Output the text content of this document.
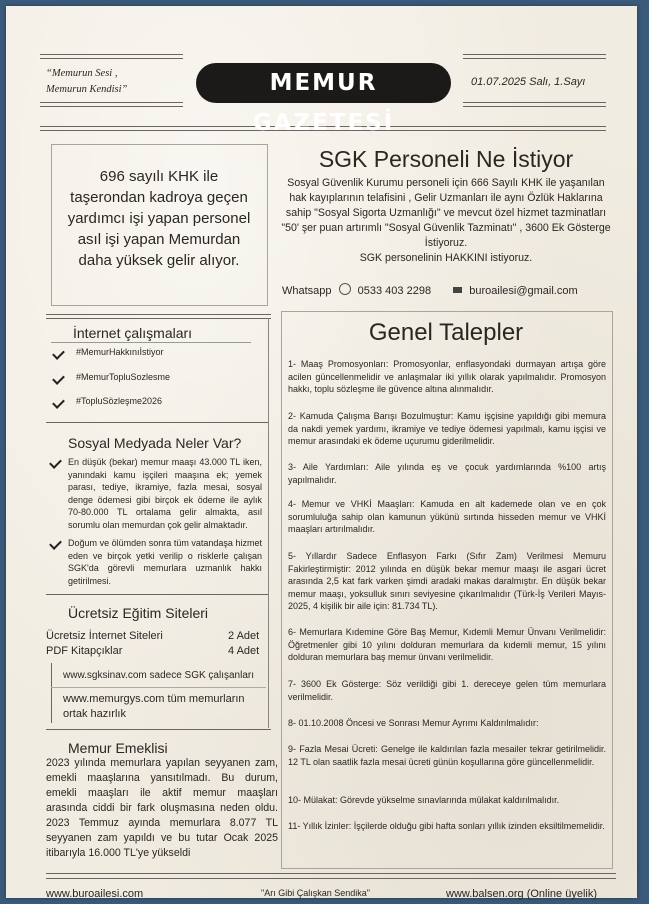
“Memurun Sesi ,
Memurun Kendisi”	MEMUR GAZETESİ
01.07.2025 Salı, 1.Sayı
696 sayılı KHK ile taşerondan kadroya geçen yardımcı işi yapan personel asıl işi yapan Memurdan daha yüksek gelir alıyor.
SGK Personeli Ne İstiyor
Sosyal Güvenlik Kurumu personeli için 666 Sayılı KHK ile yaşanılan hak kayıplarının telafisini , Gelir Uzmanları ile aynı Özlük Haklarına sahip "Sosyal Sigorta Uzmanlığı" ve mevcut özel hizmet tazminatları "50' şer puan artırımlı "Sosyal Güvenlik Tazminatı" , 3600 Ek Gösterge İstiyoruz.
SGK personelinin HAKKINI istiyoruz.
Whatsapp 0533 403 2298	buroailesi@gmail.com
İnternet çalışmaları
#MemurHakkınıİstiyor
#MemurTopluSozlesme
#TopluSözleşme2026
Sosyal Medyada Neler Var?
En düşük (bekar) memur maaşı 43.000 TL iken, yanındaki kamu işçileri maaşına ek; yemek parası, tediye, ikramiye, fazla mesai, sosyal denge ödemesi gibi birçok ek ödeme ile aylık 70-80.000 TL ortalama gelir almakta, asıl sorumlu olan memurdan çok gelir almaktadır.
Doğum ve ölümden sonra tüm vatandaşa hizmet eden ve birçok yetki verilip o risklerle çalışan SGK'da görevli memurlara uzmanlık hakkı getirilmesi.
Ücretsiz Eğitim Siteleri
Ücretsiz İnternet Siteleri	2 Adet
PDF Kitapçıklar	4 Adet
www.sgksinav.com sadece SGK çalışanları
www.memurgys.com tüm memurların ortak hazırlık
Memur Emeklisi
2023 yılında memurlara yapılan seyyanen zam, emekli maaşlarına yansıtılmadı. Bu durum, emekli maaşları ile aktif memur maaşları arasında ciddi bir fark oluşmasına neden oldu. 2023 Temmuz ayında memurlara 8.077 TL seyyanen zam yapıldı ve bu tutar Ocak 2025 itibarıyla 16.000 TL'ye yükseldi
Genel Talepler
1- Maaş Promosyonları: Promosyonlar, enflasyondaki durmayan artışa göre acilen güncellenmelidir ve anlaşmalar iki yıllık olarak yapılmalıdır. Promosyon hakkı, toplu sözleşme ile güvence altına alınmalıdır.
2- Kamuda Çalışma Barışı Bozulmuştur: Kamu işçisine yapıldığı gibi memura da nakdi yemek yardımı, ikramiye ve tediye ödemesi yapılmalı, kamu işçisi ve memur arasındaki ek ödeme uçurumu giderilmelidir.
3- Aile Yardımları: Aile yılında eş ve çocuk yardımlarında %100 artış yapılmalıdır.
4- Memur ve VHKİ Maaşları: Kamuda en alt kademede olan ve en çok sorumluluğa sahip olan kamunun yükünü sırtında hisseden memur ve VHKİ maaşları artırılmalıdır.
5- Yıllardır Sadece Enflasyon Farkı (Sıfır Zam) Verilmesi Memuru Fakirleştirmiştir: 2012 yılında en düşük bekar memur maaşı ile asgari ücret arasında 2,5 kat fark varken şimdi aradaki makas daralmıştır. En düşük bekar memur maaşı, yoksulluk sınırı seviyesine çıkarılmalıdır (Türk-İş Verileri Mayıs-2025, 4 kişilik bir aile için: 81.734 TL).
6- Memurlara Kıdemine Göre Baş Memur, Kıdemli Memur Ünvanı Verilmelidir: Öğretmenler gibi 10 yılını dolduran memurlara da kıdemli memur, 15 yılını dolduran memurlara baş memur ünvanı verilmelidir.
7- 3600 Ek Gösterge: Söz verildiği gibi 1. dereceye gelen tüm memurlara verilmelidir.
8- 01.10.2008 Öncesi ve Sonrası Memur Ayrımı Kaldırılmalıdır:
9- Fazla Mesai Ücreti: Genelge ile kaldırılan fazla mesailer tekrar getirilmelidir. 12 TL olan saatlik fazla mesai ücreti günün koşullarına göre güncellenmelidir.
10- Mülakat: Görevde yükselme sınavlarında mülakat kaldırılmalıdır.
11- Yıllık İzinler: İşçilerde olduğu gibi hafta sonları yıllık izinden eksiltilmemelidir.
www.buroailesi.com	"Arı Gibi Çalışkan Sendika"	www.balsen.org (Online üyelik)
